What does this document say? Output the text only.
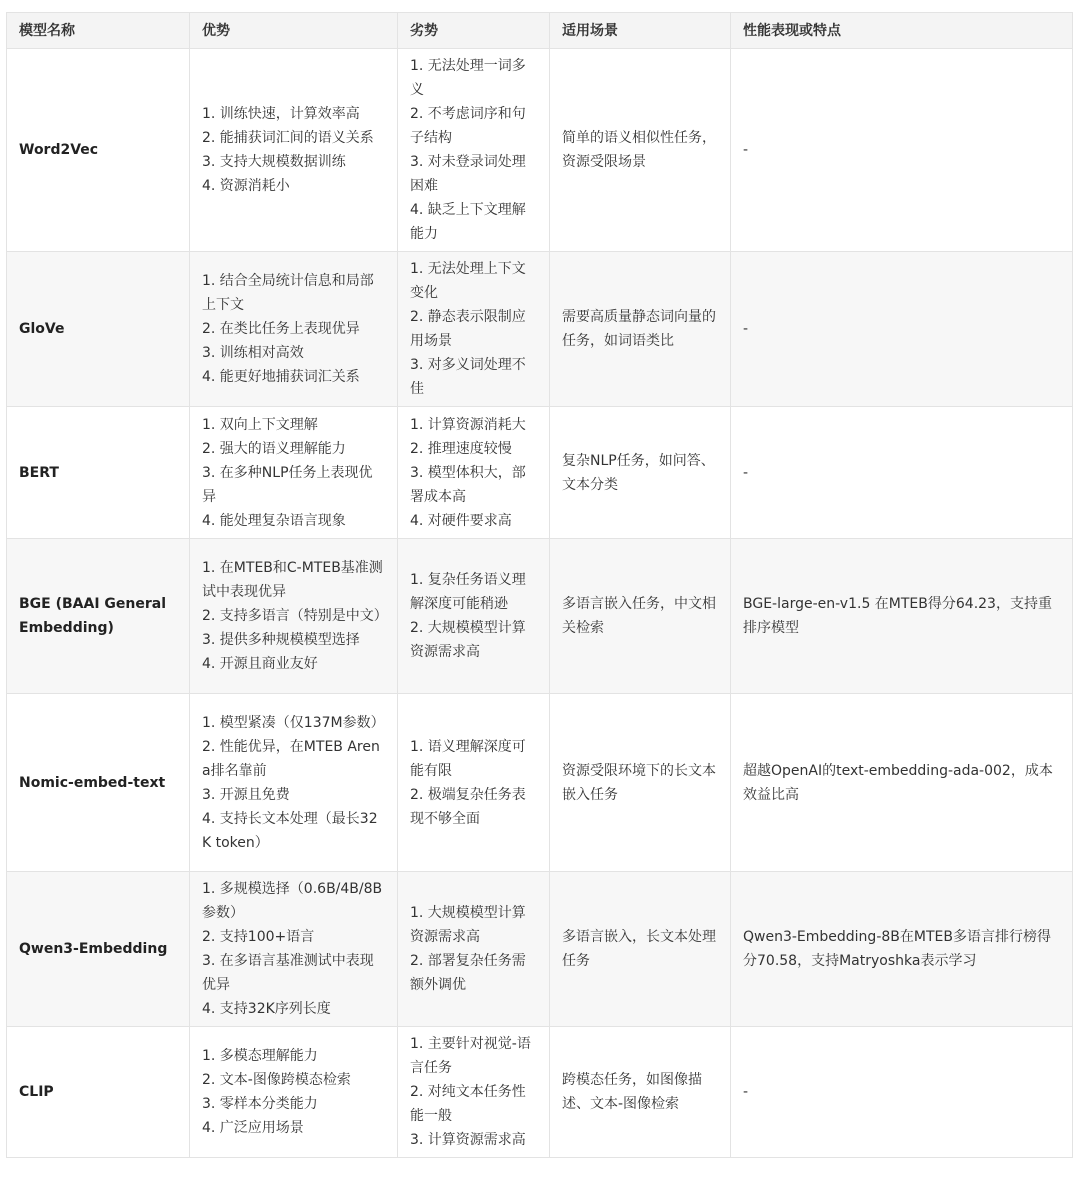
模型名称	优势	劣势	适用场景	性能表现或特点
Word2Vec	1. 训练快速，计算效率高
2. 能捕获词汇间的语义关系
3. 支持大规模数据训练
4. 资源消耗小	1. 无法处理一词多义
2. 不考虑词序和句子结构
3. 对未登录词处理困难
4. 缺乏上下文理解能力	简单的语义相似性任务，资源受限场景	-
GloVe	1. 结合全局统计信息和局部上下文
2. 在类比任务上表现优异
3. 训练相对高效
4. 能更好地捕获词汇关系	1. 无法处理上下文变化
2. 静态表示限制应用场景
3. 对多义词处理不佳	需要高质量静态词向量的任务，如词语类比	-
BERT	1. 双向上下文理解
2. 强大的语义理解能力
3. 在多种NLP任务上表现优异
4. 能处理复杂语言现象	1. 计算资源消耗大
2. 推理速度较慢
3. 模型体积大，部署成本高
4. 对硬件要求高	复杂NLP任务，如问答、文本分类	-
BGE (BAAI General Embedding)	1. 在MTEB和C-MTEB基准测试中表现优异
2. 支持多语言（特别是中文）
3. 提供多种规模模型选择
4. 开源且商业友好	1. 复杂任务语义理解深度可能稍逊
2. 大规模模型计算资源需求高	多语言嵌入任务，中文相关检索	BGE-large-en-v1.5 在MTEB得分64.23，支持重排序模型
Nomic-embed-text	1. 模型紧凑（仅137M参数）
2. 性能优异，在MTEB Arena排名靠前
3. 开源且免费
4. 支持长文本处理（最长32K token）	1. 语义理解深度可能有限
2. 极端复杂任务表现不够全面	资源受限环境下的长文本嵌入任务	超越OpenAI的text-embedding-ada-002，成本效益比高
Qwen3-Embedding	1. 多规模选择（0.6B/4B/8B参数）
2. 支持100+语言
3. 在多语言基准测试中表现优异
4. 支持32K序列长度	1. 大规模模型计算资源需求高
2. 部署复杂任务需额外调优	多语言嵌入，长文本处理任务	Qwen3-Embedding-8B在MTEB多语言排行榜得分70.58，支持Matryoshka表示学习
CLIP	1. 多模态理解能力
2. 文本-图像跨模态检索
3. 零样本分类能力
4. 广泛应用场景	1. 主要针对视觉-语言任务
2. 对纯文本任务性能一般
3. 计算资源需求高	跨模态任务，如图像描述、文本-图像检索	-
